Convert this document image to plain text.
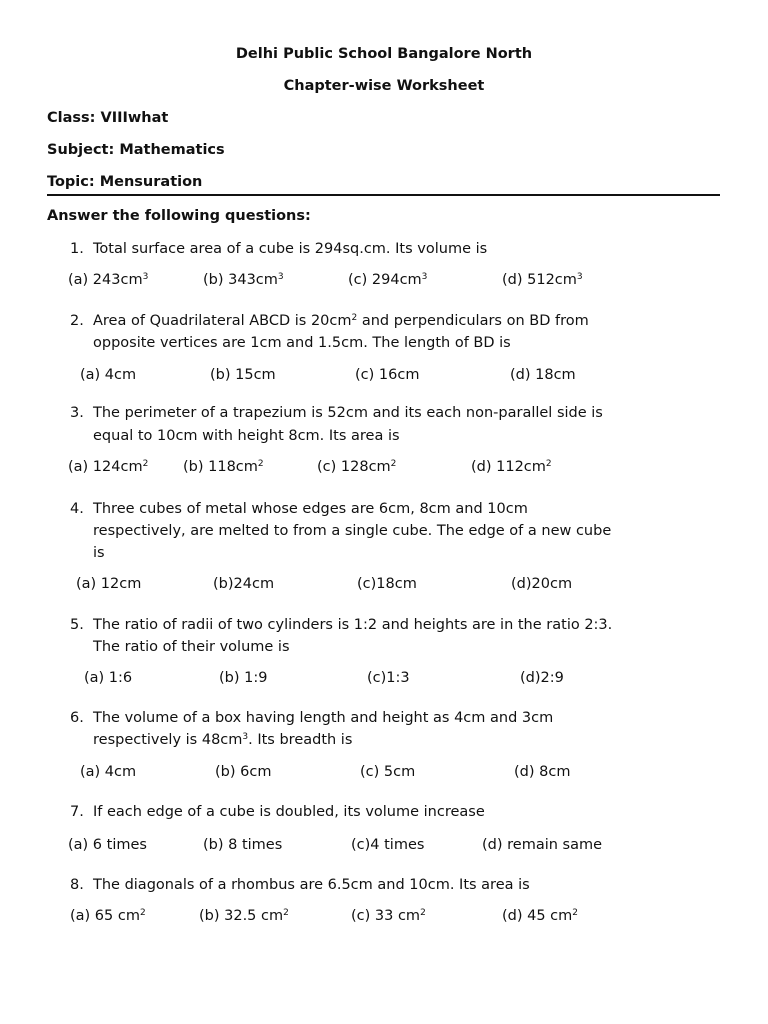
Delhi Public School Bangalore North
Chapter-wise Worksheet
Class: VIIIwhat
Subject: Mathematics
Topic: Mensuration
Answer the following questions:
1. Total surface area of a cube is 294sq.cm. Its volume is
(a) $243cm^3$	(b) $343cm^3$	(c) $294cm^3$	(d) $512cm^3$
2. Area of Quadrilateral ABCD is $20cm^2$ and perpendiculars on BD from
opposite vertices are 1cm and 1.5cm. The length of BD is
(a) 4cm	(b) 15cm	(c) 16cm	(d) 18cm
3. The perimeter of a trapezium is 52cm and its each non-parallel side is
equal to 10cm with height 8cm. Its area is
(a) $124cm^2$ (b) $118cm^2$	(c) $128cm^2$	(d) $112cm^2$
4. Three cubes of metal whose edges are 6cm, 8cm and 10cm
respectively, are melted to from a single cube. The edge of a new cube
is
(a) 12cm	(b)24cm	(c)18cm	(d)20cm
5. The ratio of radii of two cylinders is 1:2 and heights are in the ratio 2:3.
The ratio of their volume is
(a) 1:6	(b) 1:9	(c)1:3	(d)2:9
6. The volume of a box having length and height as 4cm and 3cm
respectively is $48cm^3$. Its breadth is
(a) 4cm	(b) 6cm	(c) 5cm	(d) 8cm
7. If each edge of a cube is doubled, its volume increase
(a) 6 times	(b) 8 times	(c)4 times	(d) remain same
8. The diagonals of a rhombus are 6.5cm and 10cm. Its area is
(a) 65 $cm^2$	(b) 32.5 $cm^2$	(c) 33 $cm^2$	(d) 45 $cm^2$
